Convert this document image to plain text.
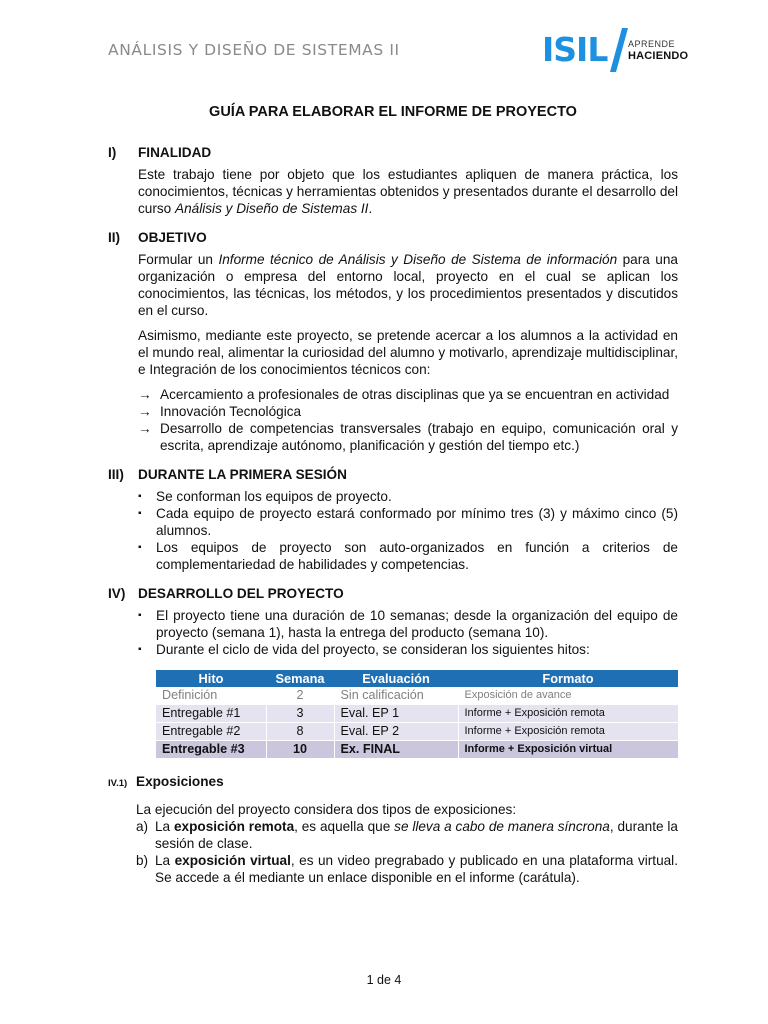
ANÁLISIS Y DISEÑO DE SISTEMAS II	ISIL APRENDE
HACIENDO
GUÍA PARA ELABORAR EL INFORME DE PROYECTO
I)	FINALIDAD

Este trabajo tiene por objeto que los estudiantes apliquen de manera práctica, los conocimientos, técnicas y herramientas obtenidos y presentados durante el desarrollo del curso Análisis y Diseño de Sistemas II.

II)	OBJETIVO

Formular un Informe técnico de Análisis y Diseño de Sistema de información para una organización o empresa del entorno local, proyecto en el cual se aplican los conocimientos, las técnicas, los métodos, y los procedimientos presentados y discutidos en el curso.

Asimismo, mediante este proyecto, se pretende acercar a los alumnos a la actividad en el mundo real, alimentar la curiosidad del alumno y motivarlo, aprendizaje multidisciplinar, e Integración de los conocimientos técnicos con:

→ Acercamiento a profesionales de otras disciplinas que ya se encuentran en actividad
→ Innovación Tecnológica
→ Desarrollo de competencias transversales (trabajo en equipo, comunicación oral y escrita, aprendizaje autónomo, planificación y gestión del tiempo etc.)
III)	DURANTE LA PRIMERA SESIÓN
▪	Se conforman los equipos de proyecto.
▪	Cada equipo de proyecto estará conformado por mínimo tres (3) y máximo cinco (5) alumnos.
▪	Los equipos de proyecto son auto-organizados en función a criterios de complementariedad de habilidades y competencias.
IV) DESARROLLO DEL PROYECTO
▪	El proyecto tiene una duración de 10 semanas; desde la organización del equipo de proyecto (semana 1), hasta la entrega del producto (semana 10).
▪	Durante el ciclo de vida del proyecto, se consideran los siguientes hitos:
Hito	Semana	Evaluación	Formato
Definición	2	Sin calificación	Exposición de avance
Entregable #1	3	Eval. EP 1	Informe + Exposición remota
Entregable #2	8	Eval. EP 2	Informe + Exposición remota
Entregable #3	10	Ex. FINAL	Informe + Exposición virtual
IV.1) Exposiciones
La ejecución del proyecto considera dos tipos de exposiciones:
a) La exposición remota, es aquella que se lleva a cabo de manera síncrona, durante la sesión de clase.
b) La exposición virtual, es un video pregrabado y publicado en una plataforma virtual. Se accede a él mediante un enlace disponible en el informe (carátula).
1 de 4
